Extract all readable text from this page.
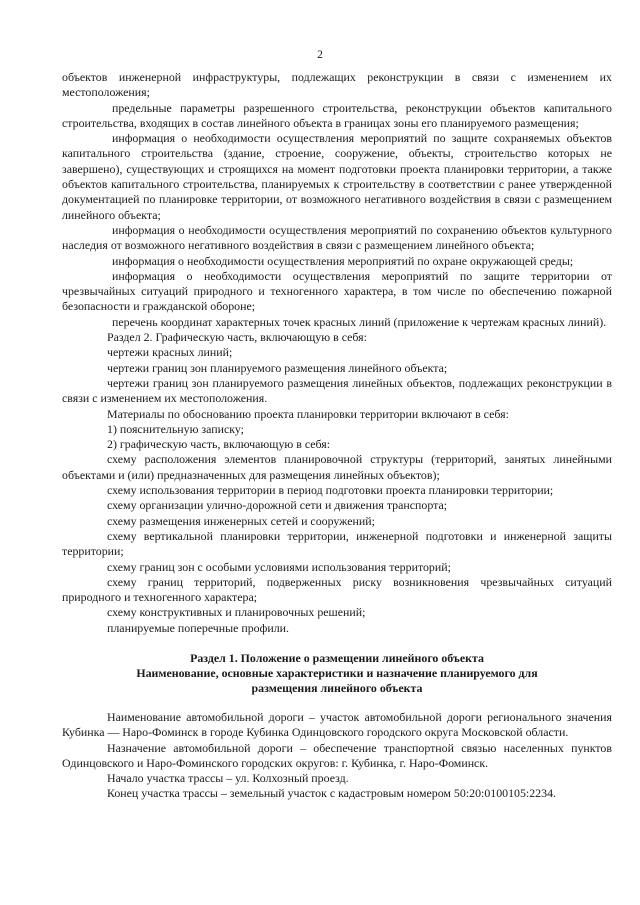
2

объектов инженерной инфраструктуры, подлежащих реконструкции в связи с изменением их местоположения;

предельные параметры разрешенного строительства, реконструкции объектов капитального строительства, входящих в состав линейного объекта в границах зоны его планируемого размещения;

информация о необходимости осуществления мероприятий по защите сохраняемых объектов капитального строительства (здание, строение, сооружение, объекты, строительство которых не завершено), существующих и строящихся на момент подготовки проекта планировки территории, а также объектов капитального строительства, планируемых к строительству в соответствии с ранее утвержденной документацией по планировке территории, от возможного негативного воздействия в связи с размещением линейного объекта;

информация о необходимости осуществления мероприятий по сохранению объектов культурного наследия от возможного негативного воздействия в связи с размещением линейного объекта;

информация о необходимости осуществления мероприятий по охране окружающей среды;

информация о необходимости осуществления мероприятий по защите территории от чрезвычайных ситуаций природного и техногенного характера, в том числе по обеспечению пожарной безопасности и гражданской обороне;

перечень координат характерных точек красных линий (приложение к чертежам красных линий).

Раздел 2. Графическую часть, включающую в себя:

чертежи красных линий;

чертежи границ зон планируемого размещения линейного объекта;

чертежи границ зон планируемого размещения линейных объектов, подлежащих реконструкции в связи с изменением их местоположения.

Материалы по обоснованию проекта планировки территории включают в себя:

1) пояснительную записку;

2) графическую часть, включающую в себя:

схему расположения элементов планировочной структуры (территорий, занятых линейными объектами и (или) предназначенных для размещения линейных объектов);

схему использования территории в период подготовки проекта планировки территории;

схему организации улично-дорожной сети и движения транспорта;

схему размещения инженерных сетей и сооружений;

схему вертикальной планировки территории, инженерной подготовки и инженерной защиты территории;

схему границ зон с особыми условиями использования территорий;

схему границ территорий, подверженных риску возникновения чрезвычайных ситуаций природного и техногенного характера;

схему конструктивных и планировочных решений;

планируемые поперечные профили.

Раздел 1. Положение о размещении линейного объекта
Наименование, основные характеристики и назначение планируемого для
размещения линейного объекта

Наименование автомобильной дороги – участок автомобильной дороги регионального значения Кубинка — Наро-Фоминск в городе Кубинка Одинцовского городского округа Московской области.

Назначение автомобильной дороги – обеспечение транспортной связью населенных пунктов Одинцовского и Наро-Фоминского городских округов: г. Кубинка, г. Наро-Фоминск.

Начало участка трассы – ул. Колхозный проезд.

Конец участка трассы – земельный участок с кадастровым номером 50:20:0100105:2234.
